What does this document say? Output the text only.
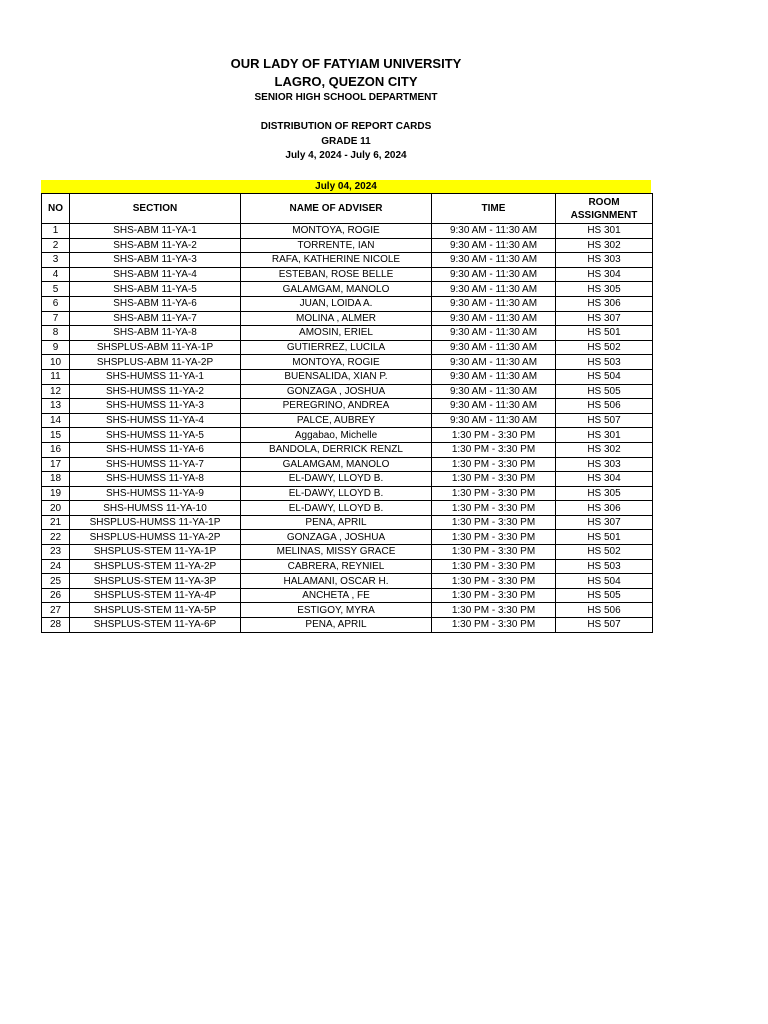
OUR LADY OF FATYIAM UNIVERSITY
LAGRO, QUEZON CITY
SENIOR HIGH SCHOOL DEPARTMENT
DISTRIBUTION OF REPORT CARDS
GRADE 11
July 4, 2024 - July 6, 2024
July 04, 2024
NO	SECTION	NAME OF ADVISER	TIME	ROOM
ASSIGNMENT
1	SHS-ABM 11-YA-1	MONTOYA, ROGIE	9:30 AM - 11:30 AM	HS 301
2	SHS-ABM 11-YA-2	TORRENTE, IAN	9:30 AM - 11:30 AM	HS 302
3	SHS-ABM 11-YA-3	RAFA, KATHERINE NICOLE	9:30 AM - 11:30 AM	HS 303
4	SHS-ABM 11-YA-4	ESTEBAN, ROSE BELLE	9:30 AM - 11:30 AM	HS 304
5	SHS-ABM 11-YA-5	GALAMGAM, MANOLO	9:30 AM - 11:30 AM	HS 305
6	SHS-ABM 11-YA-6	JUAN, LOIDA A.	9:30 AM - 11:30 AM	HS 306
7	SHS-ABM 11-YA-7	MOLINA , ALMER	9:30 AM - 11:30 AM	HS 307
8	SHS-ABM 11-YA-8	AMOSIN, ERIEL	9:30 AM - 11:30 AM	HS 501
9	SHSPLUS-ABM 11-YA-1P	GUTIERREZ, LUCILA	9:30 AM - 11:30 AM	HS 502
10	SHSPLUS-ABM 11-YA-2P	MONTOYA, ROGIE	9:30 AM - 11:30 AM	HS 503
11	SHS-HUMSS 11-YA-1	BUENSALIDA, XIAN P.	9:30 AM - 11:30 AM	HS 504
12	SHS-HUMSS 11-YA-2	GONZAGA , JOSHUA	9:30 AM - 11:30 AM	HS 505
13	SHS-HUMSS 11-YA-3	PEREGRINO, ANDREA	9:30 AM - 11:30 AM	HS 506
14	SHS-HUMSS 11-YA-4	PALCE, AUBREY	9:30 AM - 11:30 AM	HS 507
15	SHS-HUMSS 11-YA-5	Aggabao, Michelle	1:30 PM - 3:30 PM	HS 301
16	SHS-HUMSS 11-YA-6	BANDOLA, DERRICK RENZL	1:30 PM - 3:30 PM	HS 302
17	SHS-HUMSS 11-YA-7	GALAMGAM, MANOLO	1:30 PM - 3:30 PM	HS 303
18	SHS-HUMSS 11-YA-8	EL-DAWY, LLOYD B.	1:30 PM - 3:30 PM	HS 304
19	SHS-HUMSS 11-YA-9	EL-DAWY, LLOYD B.	1:30 PM - 3:30 PM	HS 305
20	SHS-HUMSS 11-YA-10	EL-DAWY, LLOYD B.	1:30 PM - 3:30 PM	HS 306
21	SHSPLUS-HUMSS 11-YA-1P	PENA, APRIL	1:30 PM - 3:30 PM	HS 307
22	SHSPLUS-HUMSS 11-YA-2P	GONZAGA , JOSHUA	1:30 PM - 3:30 PM	HS 501
23	SHSPLUS-STEM 11-YA-1P	MELINAS, MISSY GRACE	1:30 PM - 3:30 PM	HS 502
24	SHSPLUS-STEM 11-YA-2P	CABRERA, REYNIEL	1:30 PM - 3:30 PM	HS 503
25	SHSPLUS-STEM 11-YA-3P	HALAMANI, OSCAR H.	1:30 PM - 3:30 PM	HS 504
26	SHSPLUS-STEM 11-YA-4P	ANCHETA , FE	1:30 PM - 3:30 PM	HS 505
27	SHSPLUS-STEM 11-YA-5P	ESTIGOY, MYRA	1:30 PM - 3:30 PM	HS 506
28	SHSPLUS-STEM 11-YA-6P	PENA, APRIL	1:30 PM - 3:30 PM	HS 507
